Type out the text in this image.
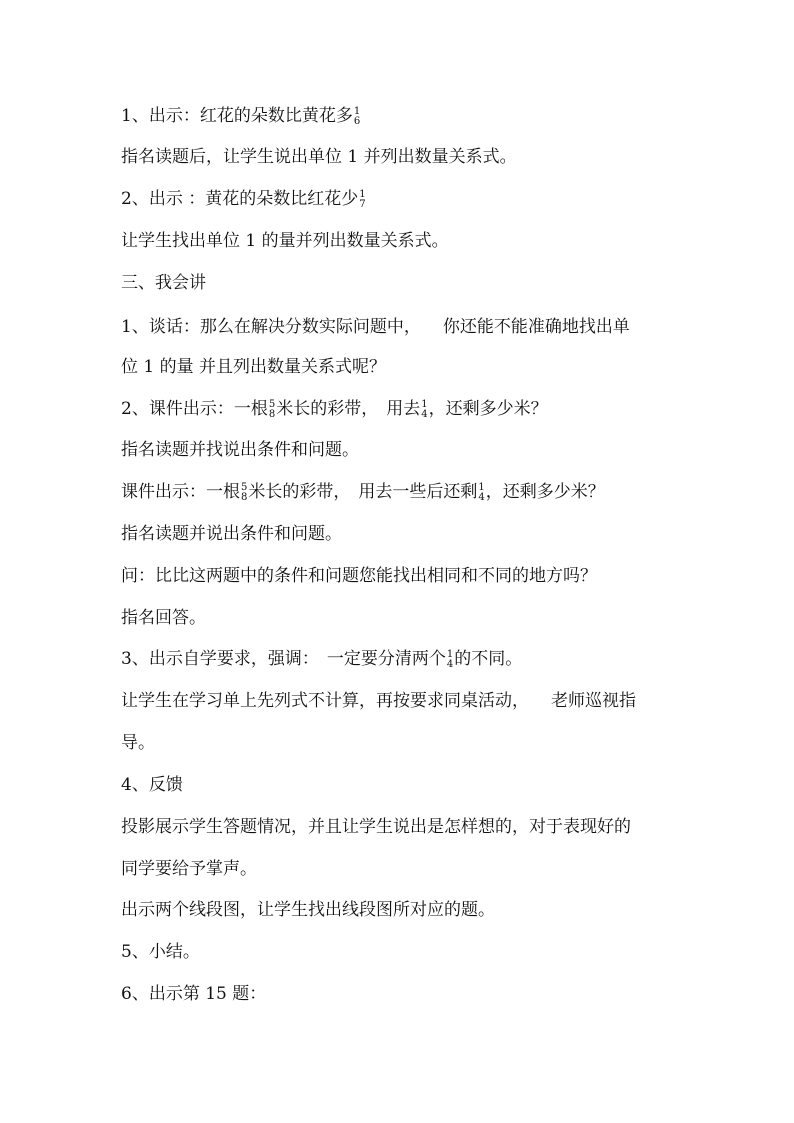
1、出示：红花的朵数比黄花多 1
6
指名读题后，让学生说出单位 1 并列出数量关系式。
2、出示 ：黄花的朵数比红花少 1
7
让学生找出单位 1 的量并列出数量关系式。
三、我会讲
1、谈话：那么在解决分数实际问题中， 你还能不能准确地找出单
位 1 的量 并且列出数量关系式呢？
2、课件出示：一根 5
8 米长的彩带， 用去 1
4 ，还剩多少米？
指名读题并找说出条件和问题。
课件出示：一根 5
8 米长的彩带， 用去一些后还剩 1
4 ，还剩多少米？
指名读题并说出条件和问题。
问：比比这两题中的条件和问题您能找出相同和不同的地方吗？
指名回答。
3、出示自学要求，强调： 一定要分清两个 1
4 的不同。
让学生在学习单上先列式不计算，再按要求同桌活动， 老师巡视指
导。
4、反馈
投影展示学生答题情况，并且让学生说出是怎样想的，对于表现好的
同学要给予掌声。
出示两个线段图，让学生找出线段图所对应的题。
5、小结。
6、出示第 15 题：
